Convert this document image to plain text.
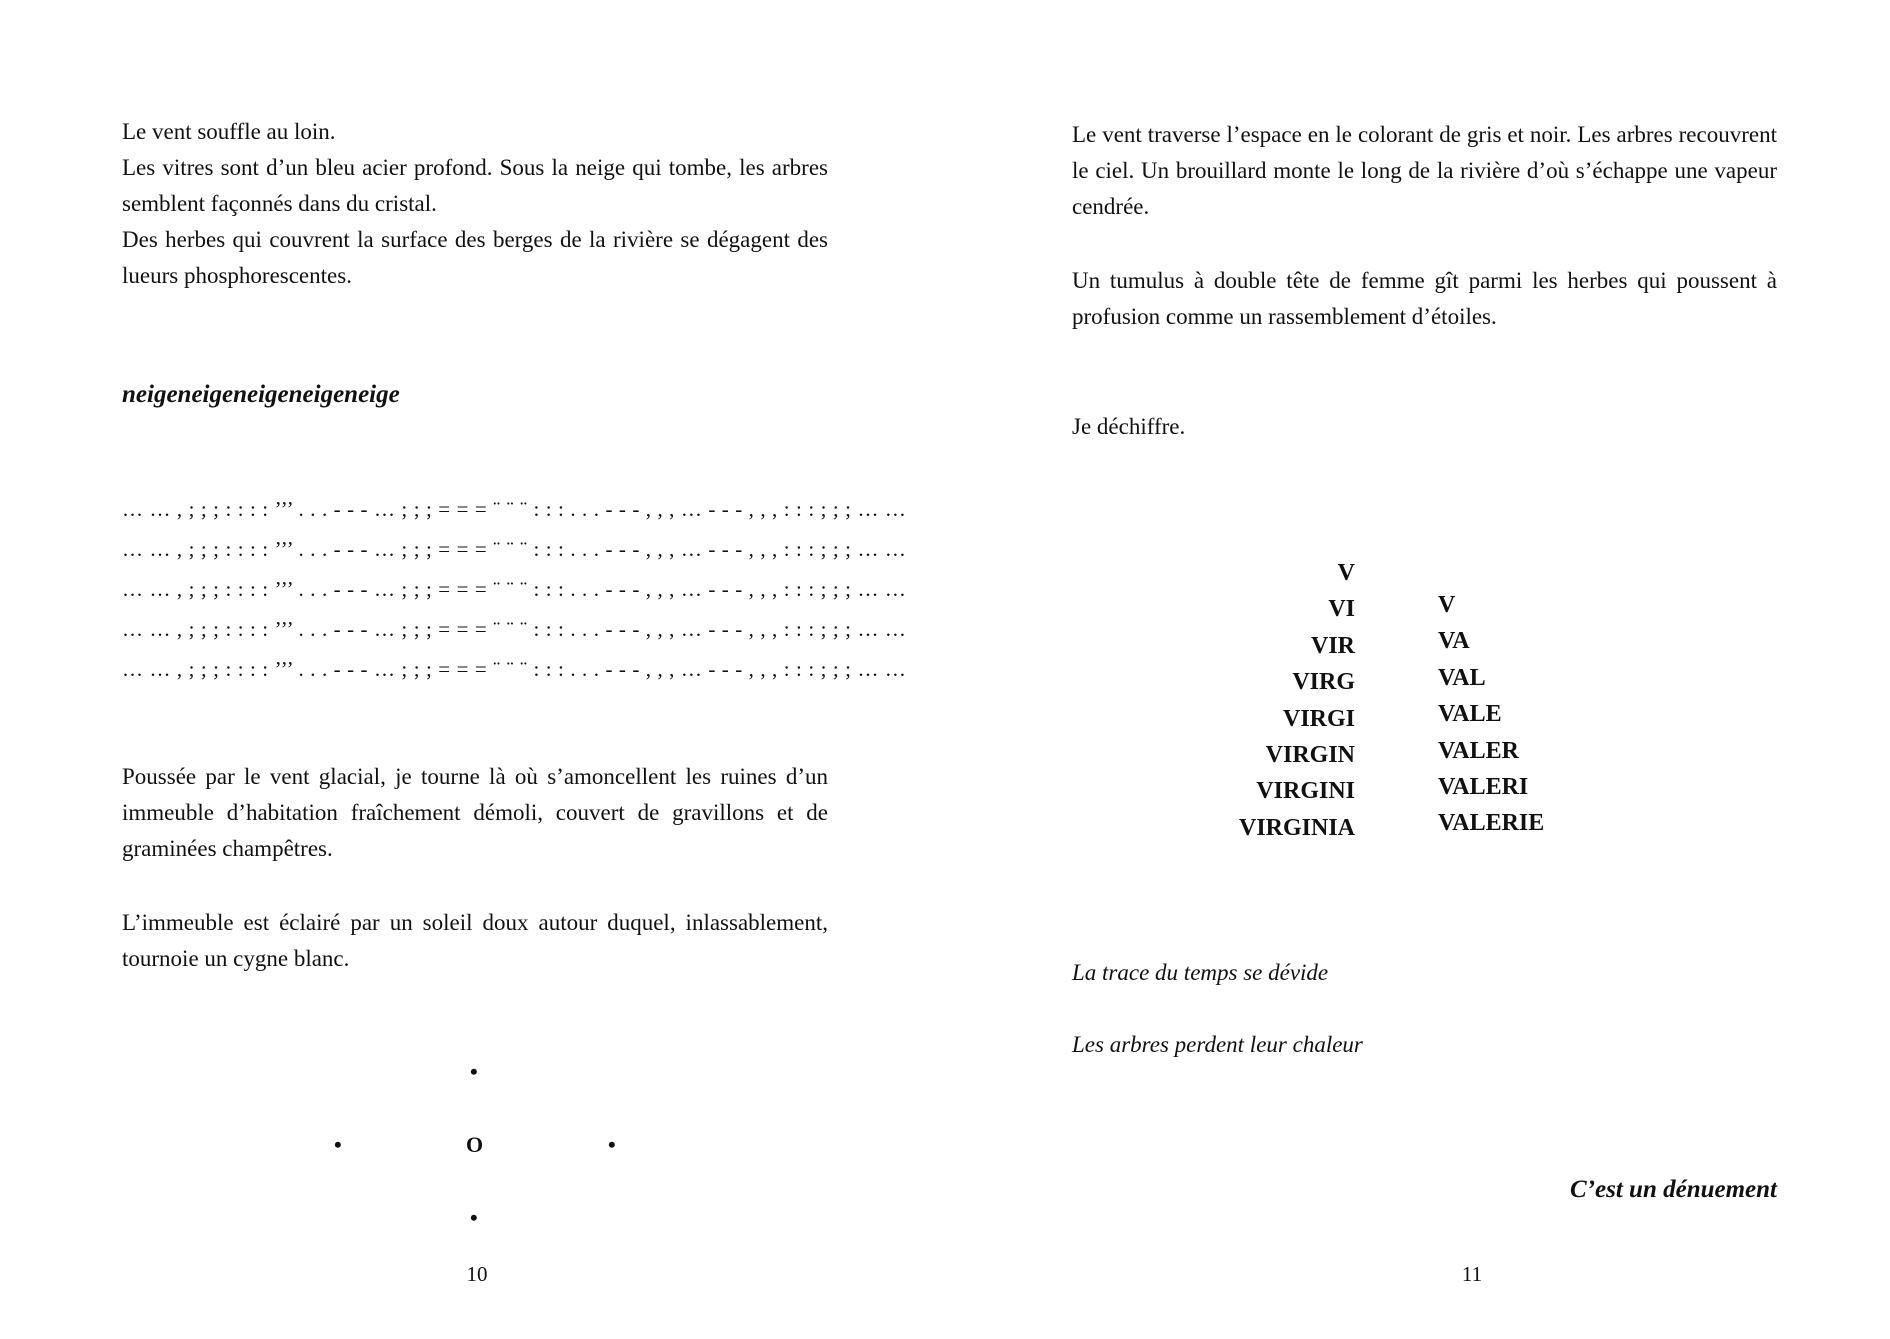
Le vent souffle au loin.

Les vitres sont d’un bleu acier profond. Sous la neige qui tombe, les arbres semblent façonnés dans du cristal.

Des herbes qui couvrent la surface des berges de la rivière se dégagent des lueurs phosphorescentes.

neigeneigeneigeneigeneige
… … , ; ; ; : : : : ’’’ . . . - - - … ; ; ; = = = ¨ ¨ ¨ : : : . . . - - - , , , … - - - , , , : : : ; ; ; … …
… … , ; ; ; : : : : ’’’ . . . - - - … ; ; ; = = = ¨ ¨ ¨ : : : . . . - - - , , , … - - - , , , : : : ; ; ; … …
… … , ; ; ; : : : : ’’’ . . . - - - … ; ; ; = = = ¨ ¨ ¨ : : : . . . - - - , , , … - - - , , , : : : ; ; ; … …
… … , ; ; ; : : : : ’’’ . . . - - - … ; ; ; = = = ¨ ¨ ¨ : : : . . . - - - , , , … - - - , , , : : : ; ; ; … …
… … , ; ; ; : : : : ’’’ . . . - - - … ; ; ; = = = ¨ ¨ ¨ : : : . . . - - - , , , … - - - , , , : : : ; ; ; … …

Poussée par le vent glacial, je tourne là où s’amoncellent les ruines d’un immeuble d’habitation fraîchement démoli, couvert de gravillons et de graminées champêtres.

L’immeuble est éclairé par un soleil doux autour duquel, inlassablement, tournoie un cygne blanc.

•
•	O	•
•
10

Le vent traverse l’espace en le colorant de gris et noir. Les arbres recouvrent le ciel. Un brouillard monte le long de la rivière d’où s’échappe une vapeur cendrée.

Un tumulus à double tête de femme gît parmi les herbes qui poussent à profusion comme un rassemblement d’étoiles.

Je déchiffre.
V
VI
VIR
VIRG
VIRGI
VIRGIN
VIRGINI
VIRGINIA
V
VA
VAL
VALE
VALER
VALERI
VALERIE
La trace du temps se dévide
Les arbres perdent leur chaleur
C’est un dénuement
11
